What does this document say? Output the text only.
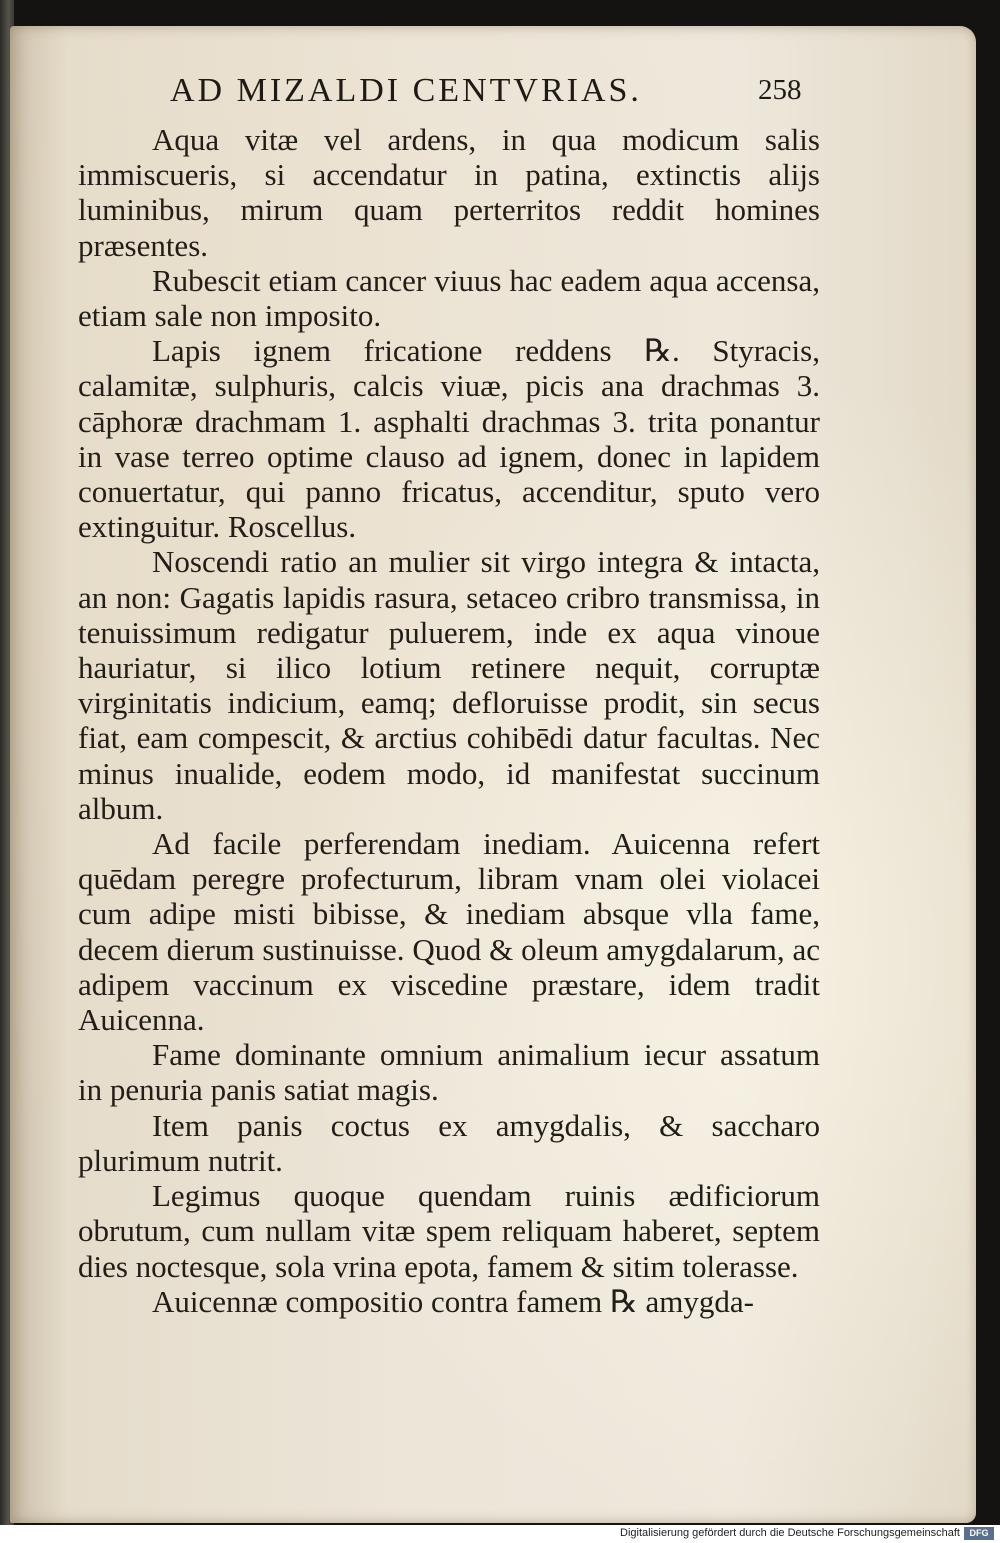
AD MIZALDI CENTVRIAS.	258

Aqua vitæ vel ardens, in qua modicum salis immiscueris, si accendatur in patina, extinctis alijs luminibus, mirum quam perterritos reddit homines præsentes.

Rubescit etiam cancer viuus hac eadem aqua accensa, etiam sale non imposito.

Lapis ignem fricatione reddens ℞. Styracis, calamitæ, sulphuris, calcis viuæ, picis ana drachmas 3. cāphoræ drachmam 1. asphalti drachmas 3. trita ponantur in vase terreo optime clauso ad ignem, donec in lapidem conuertatur, qui panno fricatus, accenditur, sputo vero extinguitur. Roscellus.

Noscendi ratio an mulier sit virgo integra & intacta, an non: Gagatis lapidis rasura, setaceo cribro transmissa, in tenuissimum redigatur puluerem, inde ex aqua vinoue hauriatur, si ilico lotium retinere nequit, corruptæ virginitatis indicium, eamq; defloruisse prodit, sin secus fiat, eam compescit, & arctius cohibēdi datur facultas. Nec minus inualide, eodem modo, id manifestat succinum album.

Ad facile perferendam inediam. Auicenna refert quēdam peregre profecturum, libram vnam olei violacei cum adipe misti bibisse, & inediam absque vlla fame, decem dierum sustinuisse. Quod & oleum amygdalarum, ac adipem vaccinum ex viscedine præstare, idem tradit Auicenna.

Fame dominante omnium animalium iecur assatum in penuria panis satiat magis.

Item panis coctus ex amygdalis, & saccharo plurimum nutrit.

Legimus quoque quendam ruinis ædificiorum obrutum, cum nullam vitæ spem reliquam haberet, septem dies noctesque, sola vrina epota, famem & sitim tolerasse.

Auicennæ compositio contra famem ℞ amygda-

Digitalisierung gefördert durch die Deutsche Forschungsgemeinschaft	DFG
